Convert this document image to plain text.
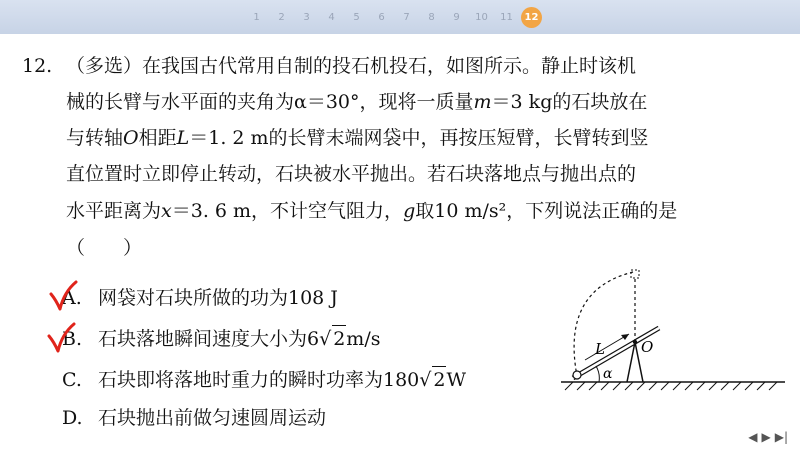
1	2	3	4	5	6	7	8	9	10	11	12
12. （多选）在我国古代常用自制的投石机投石，如图所示。静止时该机
械的长臂与水平面的夹角为α＝30°，现将一质量m＝3 kg的石块放在
与转轴O相距L＝1. 2 m的长臂末端网袋中，再按压短臂，长臂转到竖
直位置时立即停止转动，石块被水平抛出。若石块落地点与抛出点的
水平距离为x＝3. 6 m，不计空气阻力，g取10 m/s²，下列说法正确的是
（　　）
A. 网袋对石块所做的功为108 J
B. 石块落地瞬间速度大小为6 √ 2 m/s
C. 石块即将落地时重力的瞬时功率为180 √ 2 W
D. 石块抛出前做匀速圆周运动
L O
α
◀ ▶ ▶|
